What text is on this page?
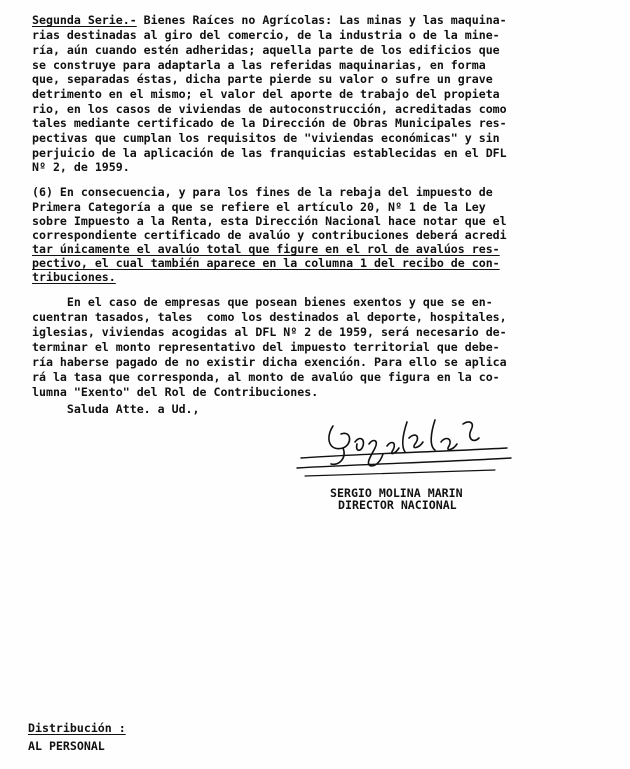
Segunda Serie.- Bienes Raíces no Agrícolas: Las minas y las maquina-
rias destinadas al giro del comercio, de la industria o de la mine-
ría, aún cuando estén adheridas; aquella parte de los edificios que
se construye para adaptarla a las referidas maquinarias, en forma
que, separadas éstas, dicha parte pierde su valor o sufre un grave
detrimento en el mismo; el valor del aporte de trabajo del propieta
rio, en los casos de viviendas de autoconstrucción, acreditadas como
tales mediante certificado de la Dirección de Obras Municipales res-
pectivas que cumplan los requisitos de "viviendas económicas" y sin
perjuicio de la aplicación de las franquicias establecidas en el DFL
Nº 2, de 1959.
(6) En consecuencia, y para los fines de la rebaja del impuesto de
Primera Categoría a que se refiere el artículo 20, Nº 1 de la Ley
sobre Impuesto a la Renta, esta Dirección Nacional hace notar que el
correspondiente certificado de avalúo y contribuciones deberá acredi
tar únicamente el avalúo total que figure en el rol de avalúos res-
pectivo, el cual también aparece en la columna 1 del recibo de con-
tribuciones.
En el caso de empresas que posean bienes exentos y que se en-
cuentran tasados, tales  como los destinados al deporte, hospitales,
iglesias, viviendas acogidas al DFL Nº 2 de 1959, será necesario de-
terminar el monto representativo del impuesto territorial que debe-
ría haberse pagado de no existir dicha exención. Para ello se aplica
rá la tasa que corresponda, al monto de avalúo que figura en la co-
lumna "Exento" del Rol de Contribuciones.
Saluda Atte. a Ud.,
SERGIO MOLINA MARIN
DIRECTOR NACIONAL
Distribución :
AL PERSONAL
